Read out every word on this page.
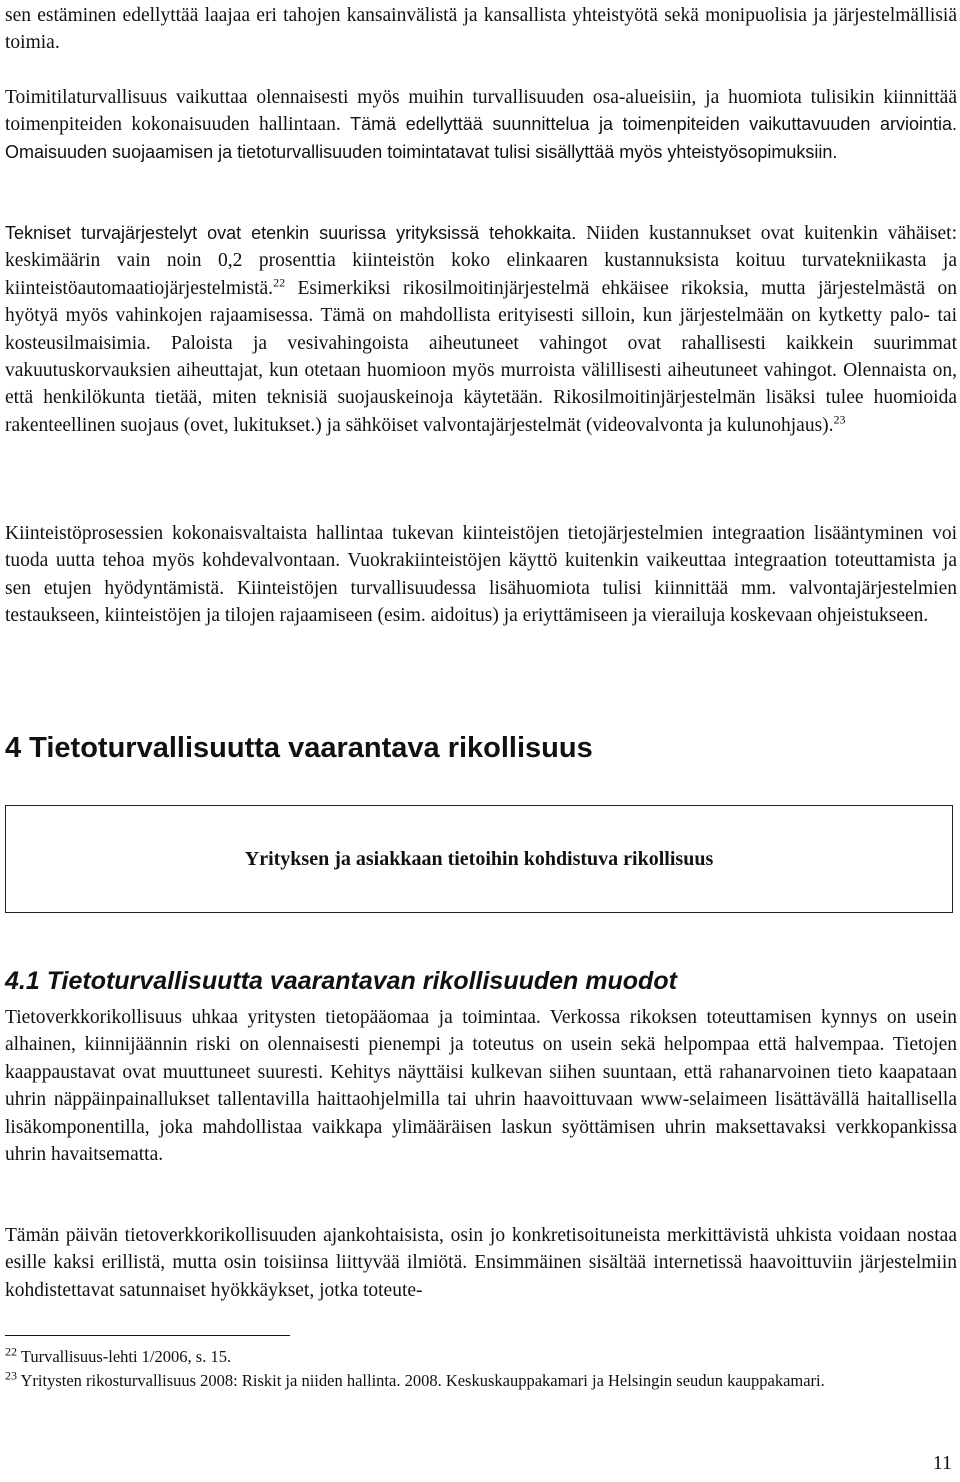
sen estäminen edellyttää laajaa eri tahojen kansainvälistä ja kansallista yhteistyötä sekä monipuolisia ja järjestelmällisiä toimia.

Toimitilaturvallisuus vaikuttaa olennaisesti myös muihin turvallisuuden osa-alueisiin, ja huomiota tulisikin kiinnittää toimenpiteiden kokonaisuuden hallintaan. Tämä edellyttää suunnittelua ja toimenpiteiden vaikuttavuuden arviointia. Omaisuuden suojaamisen ja tietoturvallisuuden toimintatavat tulisi sisällyttää myös yhteistyösopimuksiin.

Tekniset turvajärjestelyt ovat etenkin suurissa yrityksissä tehokkaita. Niiden kustannukset ovat kuitenkin vähäiset: keskimäärin vain noin 0,2 prosenttia kiinteistön koko elinkaaren kustannuksista koituu turvatekniikasta ja kiinteistöautomaatiojärjestelmistä.$^{22}$ Esimerkiksi rikosilmoitinjärjestelmä ehkäisee rikoksia, mutta järjestelmästä on hyötyä myös vahinkojen rajaamisessa. Tämä on mahdollista erityisesti silloin, kun järjestelmään on kytketty palo- tai kosteusilmaisimia. Paloista ja vesivahingoista aiheutuneet vahingot ovat rahallisesti kaikkein suurimmat vakuutuskorvauksien aiheuttajat, kun otetaan huomioon myös murroista välillisesti aiheutuneet vahingot. Olennaista on, että henkilökunta tietää, miten teknisiä suojauskeinoja käytetään. Rikosilmoitinjärjestelmän lisäksi tulee huomioida rakenteellinen suojaus (ovet, lukitukset.) ja sähköiset valvontajärjestelmät (videovalvonta ja kulunohjaus).$^{23}$

Kiinteistöprosessien kokonaisvaltaista hallintaa tukevan kiinteistöjen tietojärjestelmien integraation lisääntyminen voi tuoda uutta tehoa myös kohdevalvontaan. Vuokrakiinteistöjen käyttö kuitenkin vaikeuttaa integraation toteuttamista ja sen etujen hyödyntämistä. Kiinteistöjen turvallisuudessa lisähuomiota tulisi kiinnittää mm. valvontajärjestelmien testaukseen, kiinteistöjen ja tilojen rajaamiseen (esim. aidoitus) ja eriyttämiseen ja vierailuja koskevaan ohjeistukseen.

4 Tietoturvallisuutta vaarantava rikollisuus
Yrityksen ja asiakkaan tietoihin kohdistuva rikollisuus
4.1 Tietoturvallisuutta vaarantavan rikollisuuden muodot

Tietoverkkorikollisuus uhkaa yritysten tietopääomaa ja toimintaa. Verkossa rikoksen toteuttamisen kynnys on usein alhainen, kiinnijäännin riski on olennaisesti pienempi ja toteutus on usein sekä helpompaa että halvempaa. Tietojen kaappaustavat ovat muuttuneet suuresti. Kehitys näyttäisi kulkevan siihen suuntaan, että rahanarvoinen tieto kaapataan uhrin näppäinpainallukset tallentavilla haittaohjelmilla tai uhrin haavoittuvaan www-selaimeen lisättävällä haitallisella lisäkomponentilla, joka mahdollistaa vaikkapa ylimääräisen laskun syöttämisen uhrin maksettavaksi verkkopankissa uhrin havaitsematta.

Tämän päivän tietoverkkorikollisuuden ajankohtaisista, osin jo konkretisoituneista merkittävistä uhkista voidaan nostaa esille kaksi erillistä, mutta osin toisiinsa liittyvää ilmiötä. Ensimmäinen sisältää internetissä haavoittuviin järjestelmiin kohdistettavat satunnaiset hyökkäykset, jotka toteute-

$^{22}$ Turvallisuus-lehti 1/2006, s. 15.

$^{23}$ Yritysten rikosturvallisuus 2008: Riskit ja niiden hallinta. 2008. Keskuskauppakamari ja Helsingin seudun kauppakamari.

11
